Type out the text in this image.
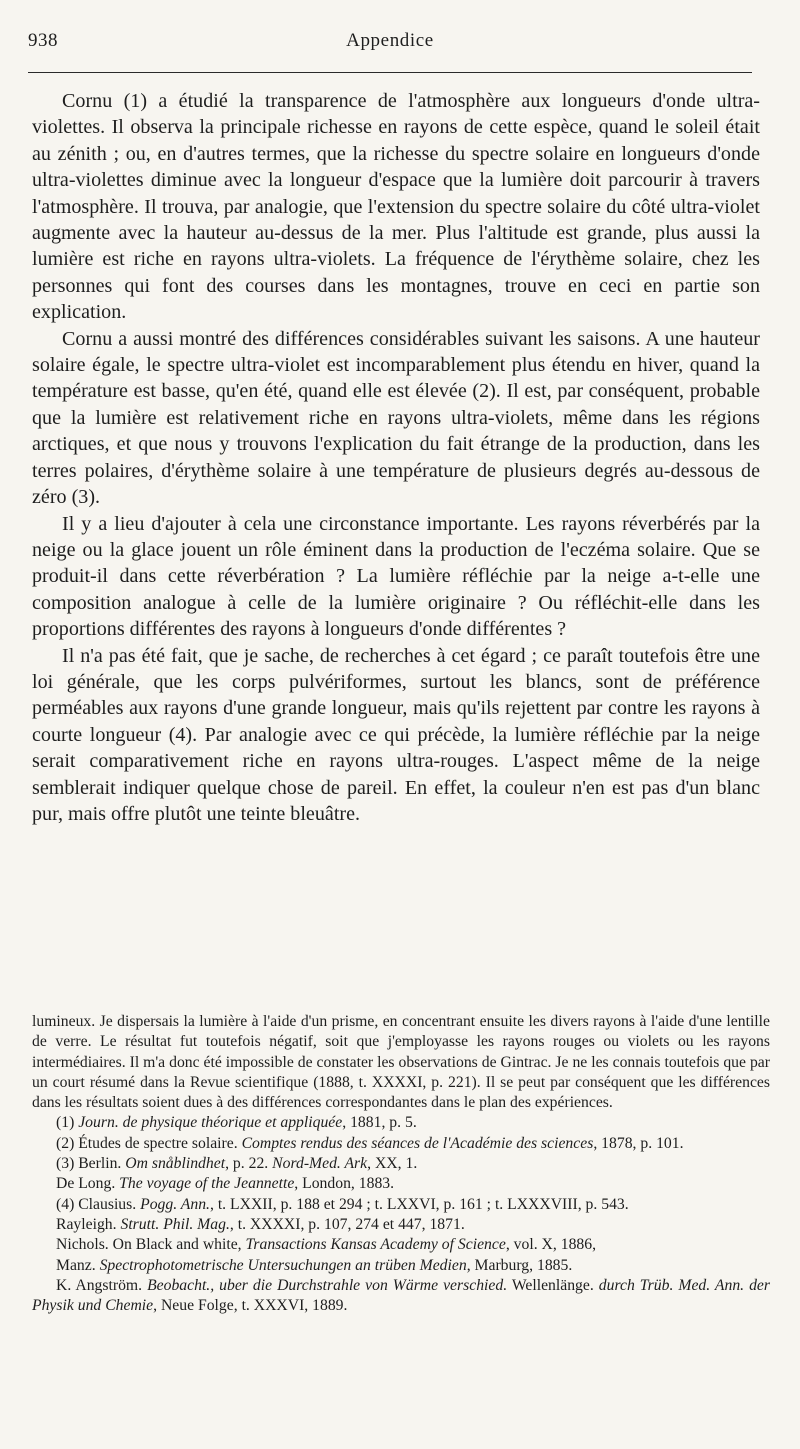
938	Appendice

Cornu (1) a étudié la transparence de l'atmosphère aux longueurs d'onde ultra-violettes. Il observa la principale richesse en rayons de cette espèce, quand le soleil était au zénith ; ou, en d'autres termes, que la richesse du spectre solaire en longueurs d'onde ultra-violettes diminue avec la longueur d'espace que la lumière doit parcourir à travers l'atmosphère. Il trouva, par analogie, que l'extension du spectre solaire du côté ultra-violet augmente avec la hauteur au-dessus de la mer. Plus l'altitude est grande, plus aussi la lumière est riche en rayons ultra-violets. La fréquence de l'érythème solaire, chez les personnes qui font des courses dans les montagnes, trouve en ceci en partie son explication.

Cornu a aussi montré des différences considérables suivant les saisons. A une hauteur solaire égale, le spectre ultra-violet est incomparablement plus étendu en hiver, quand la température est basse, qu'en été, quand elle est élevée (2). Il est, par conséquent, probable que la lumière est relativement riche en rayons ultra-violets, même dans les régions arctiques, et que nous y trouvons l'explication du fait étrange de la production, dans les terres polaires, d'érythème solaire à une température de plusieurs degrés au-dessous de zéro (3).

Il y a lieu d'ajouter à cela une circonstance importante. Les rayons réverbérés par la neige ou la glace jouent un rôle éminent dans la production de l'eczéma solaire. Que se produit-il dans cette réverbération ? La lumière réfléchie par la neige a-t-elle une composition analogue à celle de la lumière originaire ? Ou réfléchit-elle dans les proportions différentes des rayons à longueurs d'onde différentes ?

Il n'a pas été fait, que je sache, de recherches à cet égard ; ce paraît toutefois être une loi générale, que les corps pulvériformes, surtout les blancs, sont de préférence perméables aux rayons d'une grande longueur, mais qu'ils rejettent par contre les rayons à courte longueur (4). Par analogie avec ce qui précède, la lumière réfléchie par la neige serait comparativement riche en rayons ultra-rouges. L'aspect même de la neige semblerait indiquer quelque chose de pareil. En effet, la couleur n'en est pas d'un blanc pur, mais offre plutôt une teinte bleuâtre.

lumineux. Je dispersais la lumière à l'aide d'un prisme, en concentrant ensuite les divers rayons à l'aide d'une lentille de verre. Le résultat fut toutefois négatif, soit que j'employasse les rayons rouges ou violets ou les rayons intermédiaires. Il m'a donc été impossible de constater les observations de Gintrac. Je ne les connais toutefois que par un court résumé dans la Revue scientifique (1888, t. XXXXI, p. 221). Il se peut par conséquent que les différences dans les résultats soient dues à des différences correspondantes dans le plan des expériences.

(1) Journ. de physique théorique et appliquée, 1881, p. 5.

(2) Études de spectre solaire. Comptes rendus des séances de l'Académie des sciences, 1878, p. 101.

(3) Berlin. Om snåblindhet, p. 22. Nord-Med. Ark, XX, 1.

De Long. The voyage of the Jeannette, London, 1883.

(4) Clausius. Pogg. Ann., t. LXXII, p. 188 et 294 ; t. LXXVI, p. 161 ; t. LXXXVIII, p. 543.

Rayleigh. Strutt. Phil. Mag., t. XXXXI, p. 107, 274 et 447, 1871.

Nichols. On Black and white, Transactions Kansas Academy of Science, vol. X, 1886,

Manz. Spectrophotometrische Untersuchungen an trüben Medien, Marburg, 1885.

K. Angström. Beobacht., uber die Durchstrahle von Wärme verschied. Wellenlänge. durch Trüb. Med. Ann. der Physik und Chemie, Neue Folge, t. XXXVI, 1889.
